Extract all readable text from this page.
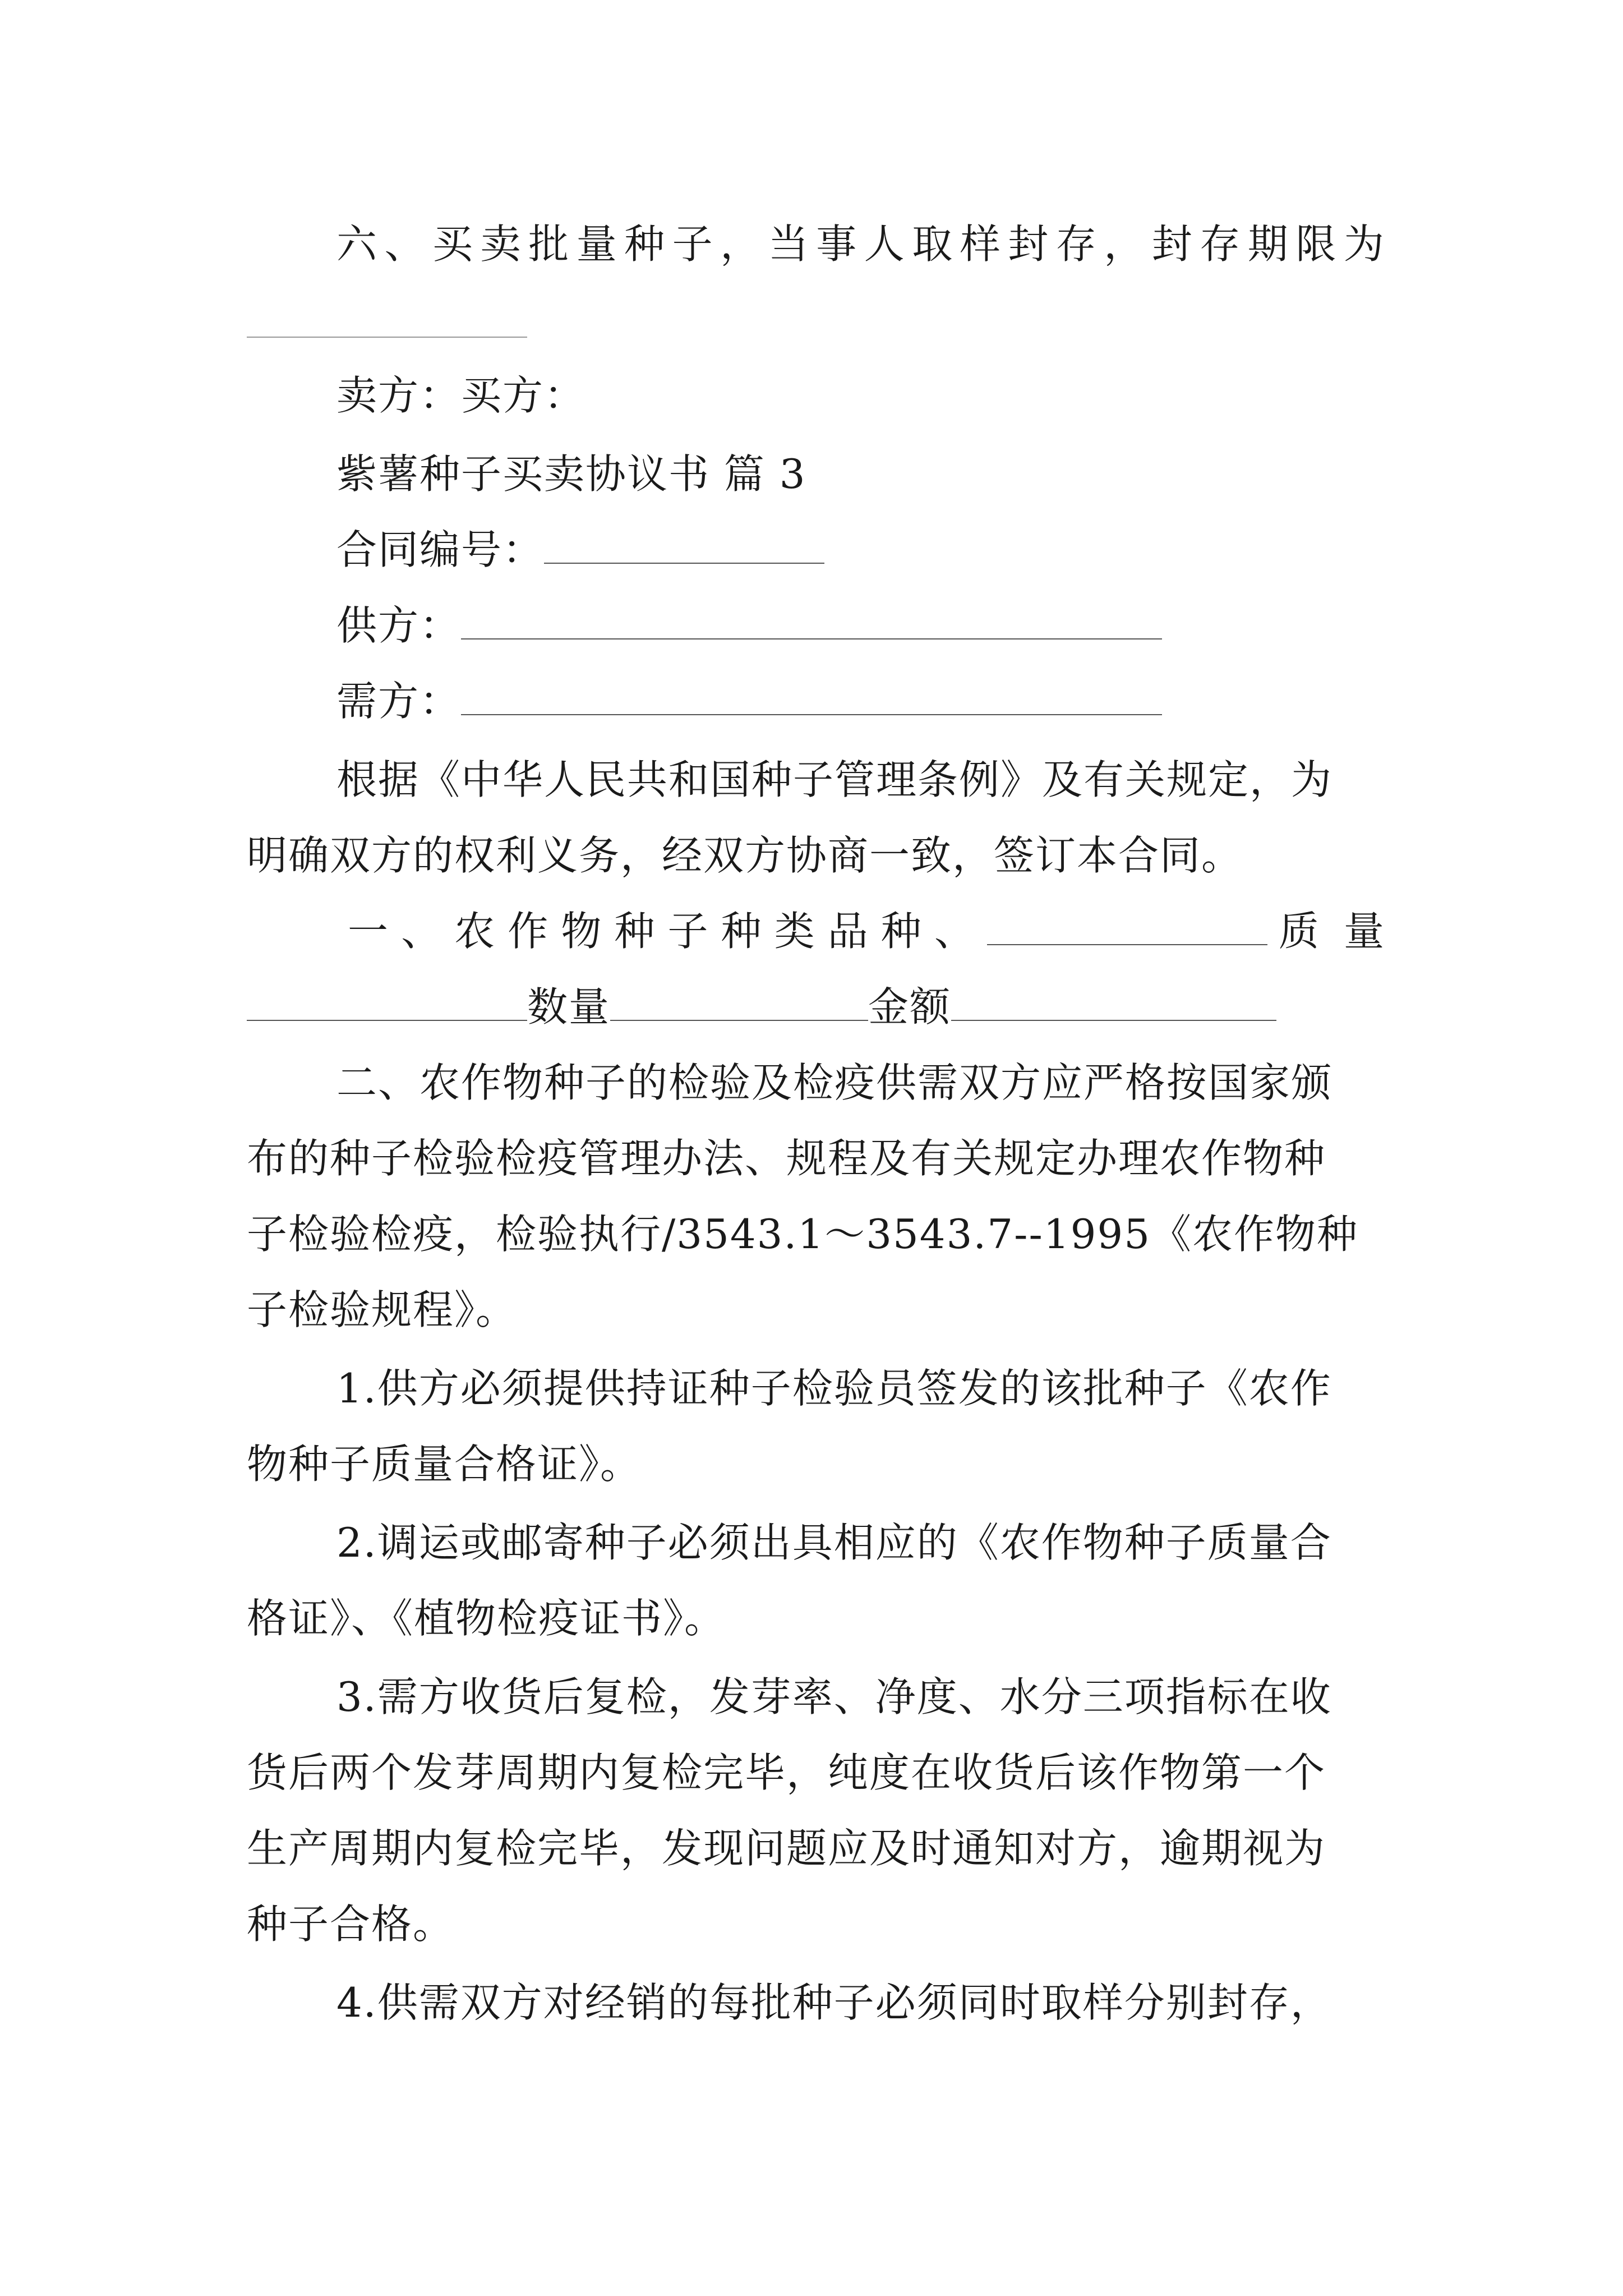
六 、 买 卖 批 量 种 子 ， 当 事 人 取 样 封 存 ， 封 存 期 限 为
卖方：买方：
紫薯种子买卖协议书 篇 3
合同编号：
供方：
需方：
根据《中华人民共和国种子管理条例》及有关规定，为
明确双方的权利义务，经双方协商一致，签订本合同。
一 、 农 作 物 种 子 种 类 品 种 、	质 量
数量	金额
二、农作物种子的检验及检疫供需双方应严格按国家颁
布的种子检验检疫管理办法、规程及有关规定办理农作物种
子检验检疫，检验执行/3543.1～3543.7--1995《农作物种
子检验规程》。
1.供方必须提供持证种子检验员签发的该批种子《农作
物种子质量合格证》。
2.调运或邮寄种子必须出具相应的《农作物种子质量合
格证》、《植物检疫证书》。
3.需方收货后复检，发芽率、净度、水分三项指标在收
货后两个发芽周期内复检完毕，纯度在收货后该作物第一个
生产周期内复检完毕，发现问题应及时通知对方，逾期视为
种子合格。
4.供需双方对经销的每批种子必须同时取样分别封存，
